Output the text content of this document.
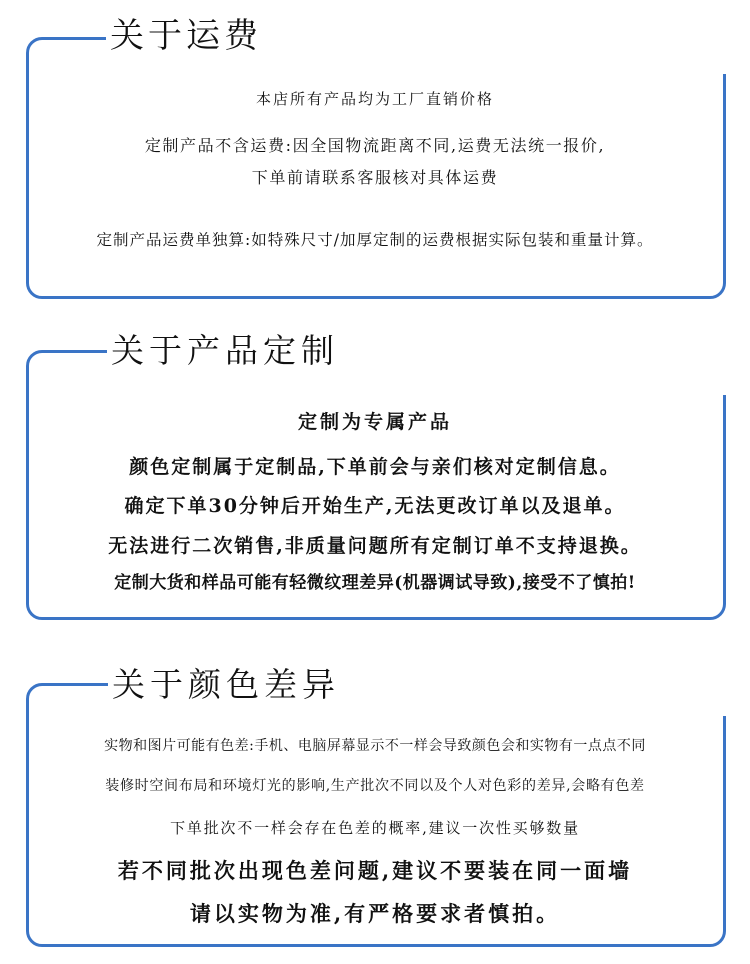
关于运费
本店所有产品均为工厂直销价格
定制产品不含运费:因全国物流距离不同,运费无法统一报价,
下单前请联系客服核对具体运费
定制产品运费单独算:如特殊尺寸/加厚定制的运费根据实际包装和重量计算。
关于产品定制
定制为专属产品
颜色定制属于定制品,下单前会与亲们核对定制信息。
确定下单30分钟后开始生产,无法更改订单以及退单。
无法进行二次销售,非质量问题所有定制订单不支持退换。
定制大货和样品可能有轻微纹理差异(机器调试导致),接受不了慎拍!
关于颜色差异
实物和图片可能有色差:手机、电脑屏幕显示不一样会导致颜色会和实物有一点点不同
装修时空间布局和环境灯光的影响,生产批次不同以及个人对色彩的差异,会略有色差
下单批次不一样会存在色差的概率,建议一次性买够数量
若不同批次出现色差问题,建议不要装在同一面墙
请以实物为准,有严格要求者慎拍。
